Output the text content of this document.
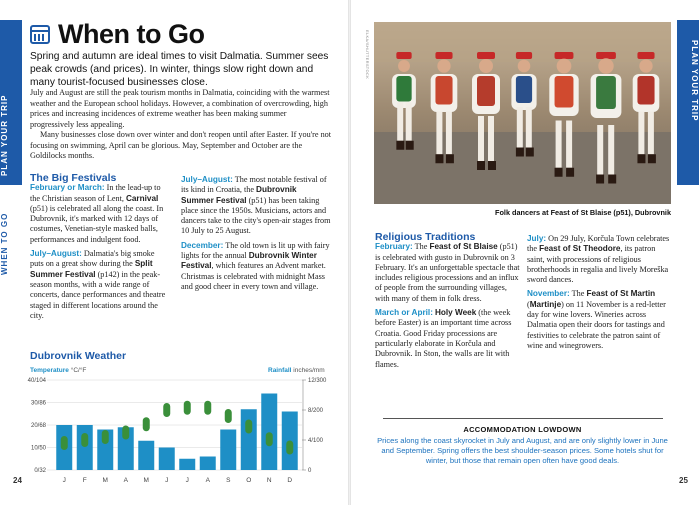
PLAN YOUR TRIP
WHEN TO GO
PLAN YOUR TRIP
WHEN TO GO
When to Go
Spring and autumn are ideal times to visit Dalmatia. Summer sees peak crowds (and prices). In winter, things slow right down and many tourist-focused businesses close.

July and August are still the peak tourism months in Dalmatia, coinciding with the warmest weather and the European school holidays. However, a combination of overcrowding, high prices and increasing incidences of extreme weather has been making summer progressively less appealing.

Many businesses close down over winter and don't reopen until after Easter. If you're not focusing on swimming, April can be glorious. May, September and October are the Goldilocks months.

The Big Festivals

February or March: In the lead-up to the Christian season of Lent, Carnival (p51) is celebrated all along the coast. In Dubrovnik, it's marked with 12 days of costumes, Venetian-style masked balls, performances and indulgent food.

July–August: Dalmatia's big smoke puts on a great show during the Split Summer Festival (p142) in the peak-season months, with a wide range of concerts, dance performances and theatre staged in different locations around the city.

July–August: The most notable festival of its kind in Croatia, the Dubrovnik Summer Festival (p51) has been taking place since the 1950s. Musicians, actors and dancers take to the city's open-air stages from 10 July to 25 August.

December: The old town is lit up with fairy lights for the annual Dubrovnik Winter Festival, which features an Advent market. Christmas is celebrated with midnight Mass and good cheer in every town and village.

Dubrovnik Weather
Temperature °C/°F	Rainfall inches/mm
40/104
30/86
20/68
10/50
0/32
12/300
8/200
4/100
0
J	F M A M J	J	A S O N D
24
ELKA/SHUTTERSTOCK
Folk dancers at Feast of St Blaise (p51), Dubrovnik
Religious Traditions

February: The Feast of St Blaise (p51) is celebrated with gusto in Dubrovnik on 3 February. It's an unforgettable spectacle that includes religious processions and an influx of people from the surrounding villages, with many of them in folk dress.

March or April: Holy Week (the week before Easter) is an important time across Croatia. Good Friday processions are particularly elaborate in Korčula and Dubrovnik. In Ston, the walls are lit with flames.

July: On 29 July, Korčula Town celebrates the Feast of St Theodore, its patron saint, with processions of religious brotherhoods in regalia and lively Moreška sword dances.

November: The Feast of St Martin (Martinje) on 11 November is a red-letter day for wine lovers. Wineries across Dalmatia open their doors for tastings and festivities to celebrate the patron saint of wine and winegrowers.

ACCOMMODATION LOWDOWN
Prices along the coast skyrocket in July and August, and are only slightly lower in June and September. Spring offers the best shoulder-season prices. Some hotels shut for winter, but those that remain open often have good deals.
25
